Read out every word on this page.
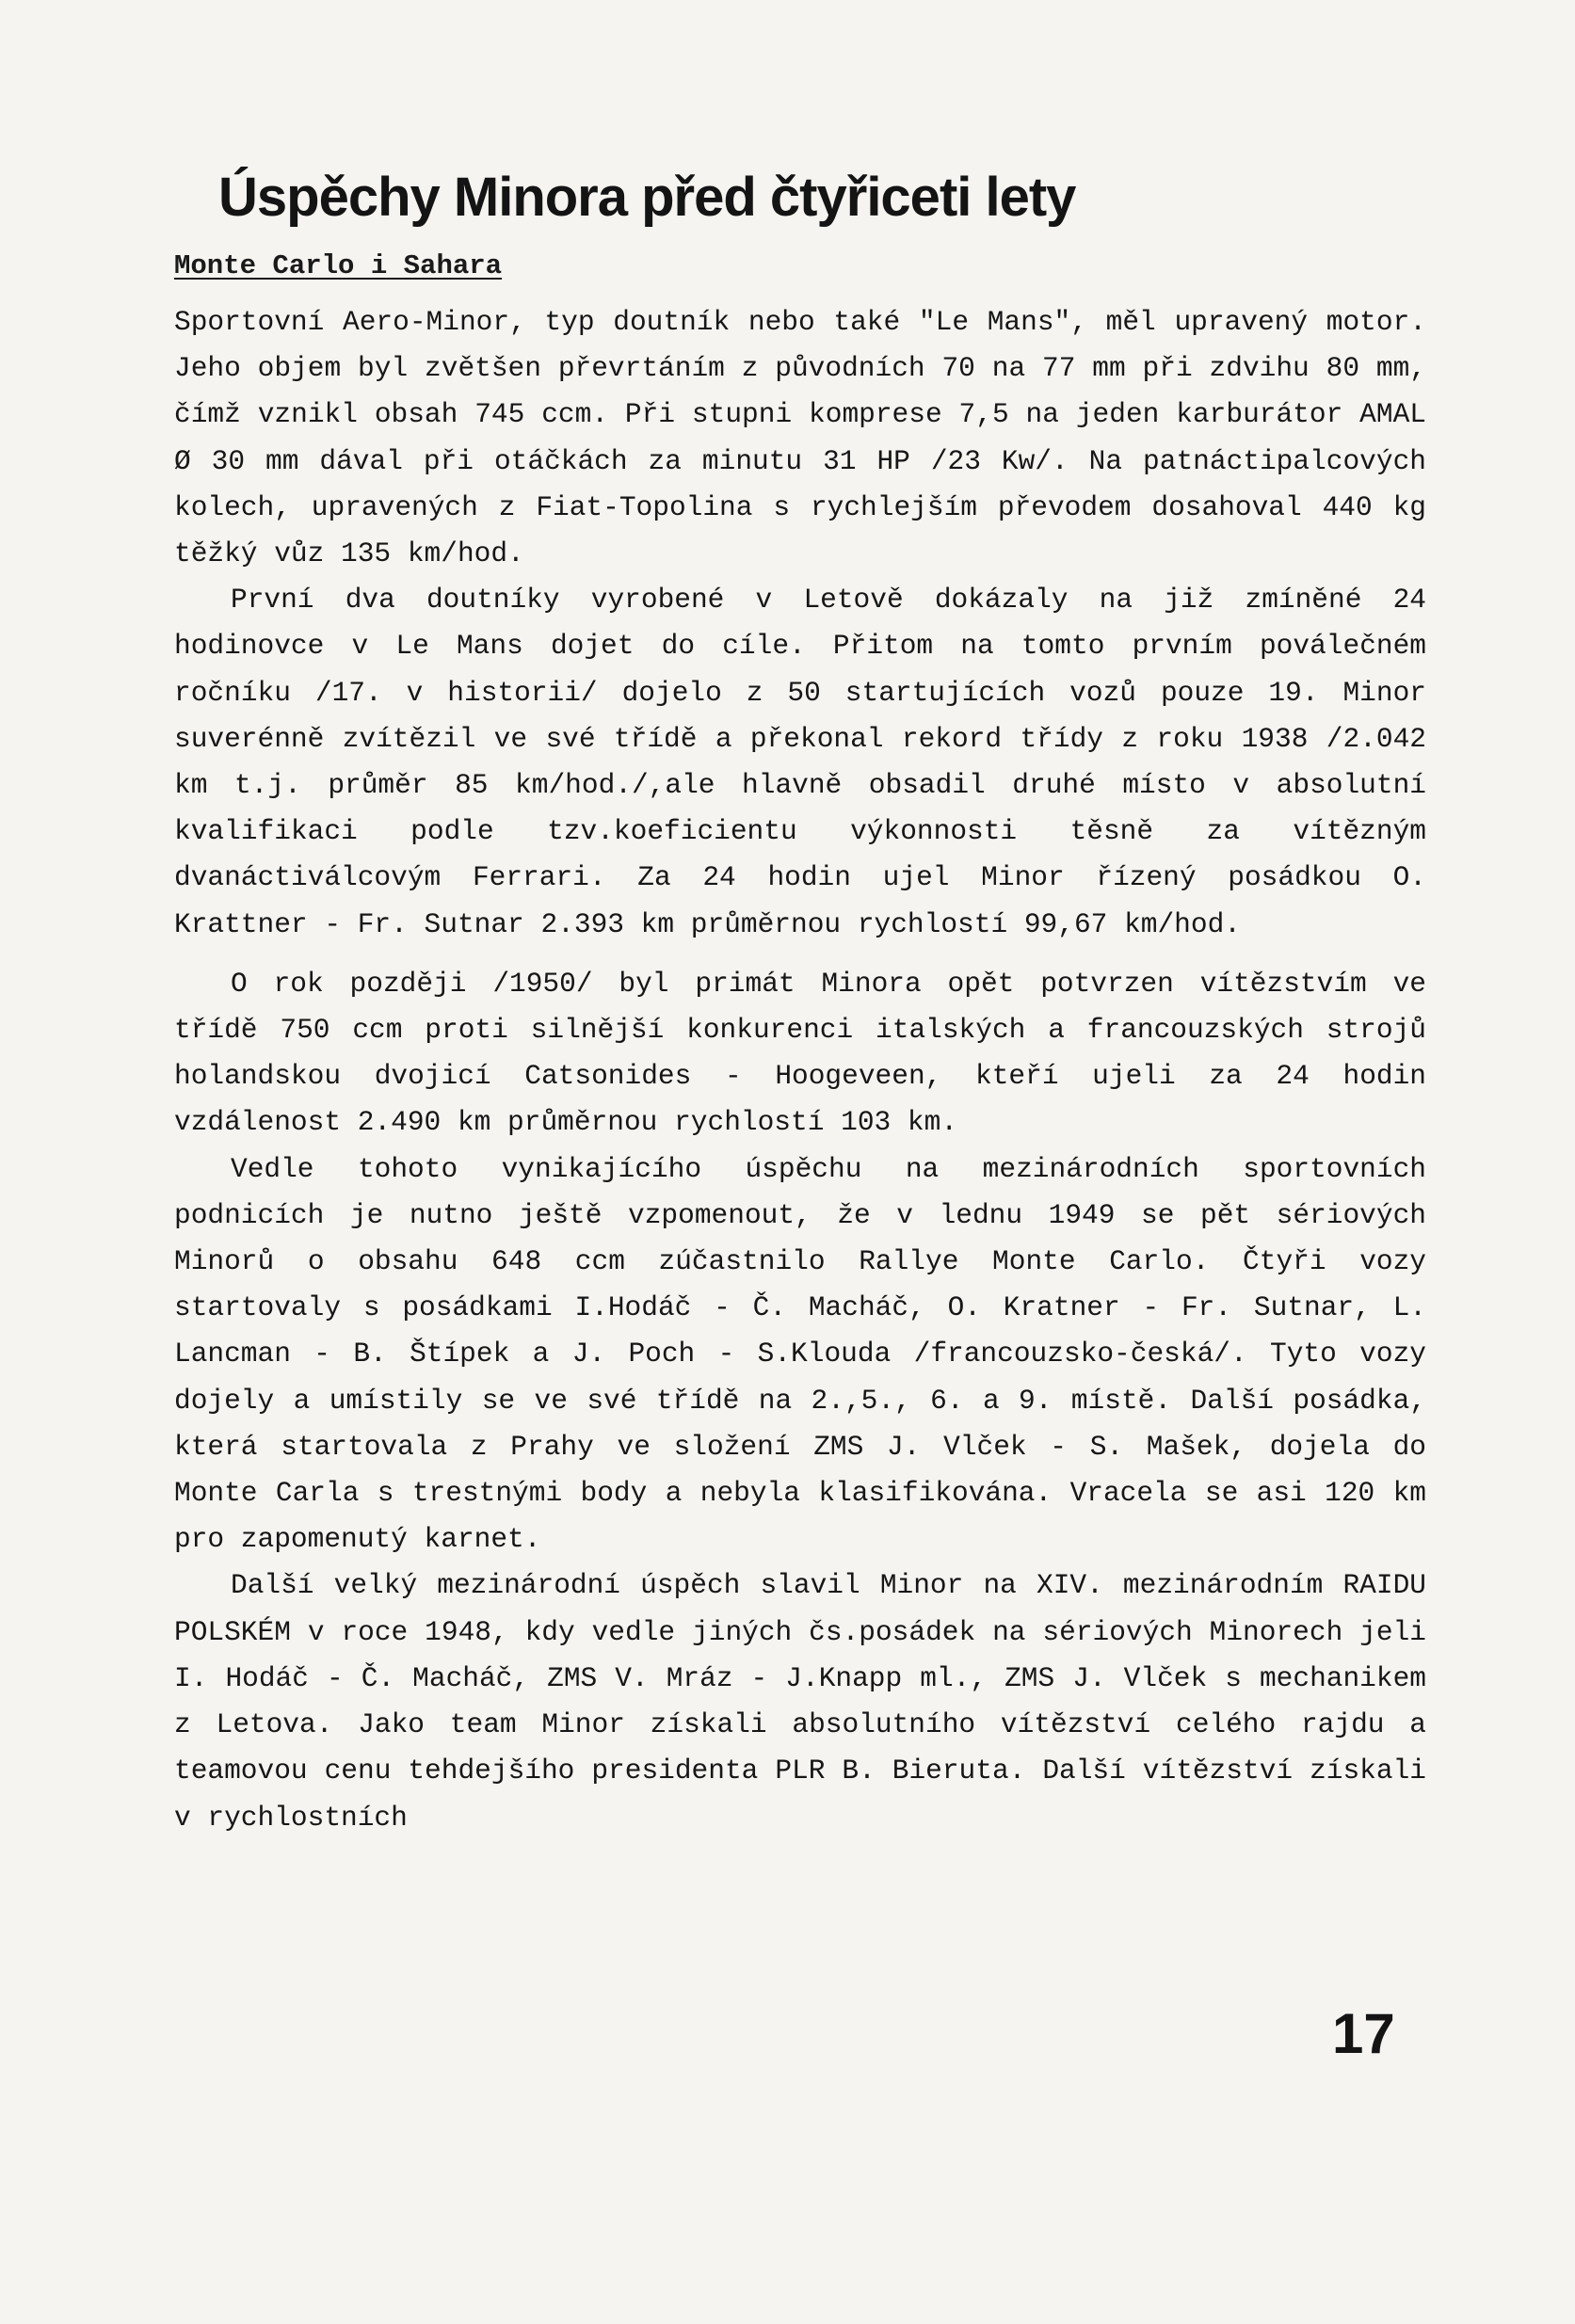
Úspěchy Minora před čtyřiceti lety
Monte Carlo i Sahara

Sportovní Aero-Minor, typ doutník nebo také "Le Mans", měl upravený motor. Jeho objem byl zvětšen převrtáním z původních 70 na 77 mm při zdvihu 80 mm, čímž vznikl obsah 745 ccm. Při stupni komprese 7,5 na jeden karburátor AMAL Ø 30 mm dával při otáčkách za minutu 31 HP /23 Kw/. Na patnáctipalcových kolech, upravených z Fiat-Topolina s rychlejším převodem dosahoval 440 kg těžký vůz 135 km/hod.

První dva doutníky vyrobené v Letově dokázaly na již zmíněné 24 hodinovce v Le Mans dojet do cíle. Přitom na tomto prvním poválečném ročníku /17. v historii/ dojelo z 50 startujících vozů pouze 19. Minor suverénně zvítězil ve své třídě a překonal rekord třídy z roku 1938 /2.042 km t.j. průměr 85 km/hod./,ale hlavně obsadil druhé místo v absolutní kvalifikaci podle tzv.koeficientu výkonnosti těsně za vítězným dvanáctiválcovým Ferrari. Za 24 hodin ujel Minor řízený posádkou O. Krattner - Fr. Sutnar 2.393 km průměrnou rychlostí 99,67 km/hod.

O rok později /1950/ byl primát Minora opět potvrzen vítězstvím ve třídě 750 ccm proti silnější konkurenci italských a francouzských strojů holandskou dvojicí Catsonides - Hoogeveen, kteří ujeli za 24 hodin vzdálenost 2.490 km průměrnou rychlostí 103 km.

Vedle tohoto vynikajícího úspěchu na mezinárodních sportovních podnicích je nutno ještě vzpomenout, že v lednu 1949 se pět sériových Minorů o obsahu 648 ccm zúčastnilo Rallye Monte Carlo. Čtyři vozy startovaly s posádkami I.Hodáč - Č. Macháč, O. Kratner - Fr. Sutnar, L. Lancman - B. Štípek a J. Poch - S.Klouda /francouzsko-česká/. Tyto vozy dojely a umístily se ve své třídě na 2.,5., 6. a 9. místě. Další posádka, která startovala z Prahy ve složení ZMS J. Vlček - S. Mašek, dojela do Monte Carla s trestnými body a nebyla klasifikována. Vracela se asi 120 km pro zapomenutý karnet.

Další velký mezinárodní úspěch slavil Minor na XIV. mezinárodním RAIDU POLSKÉM v roce 1948, kdy vedle jiných čs.posádek na sériových Minorech jeli I. Hodáč - Č. Macháč, ZMS V. Mráz - J.Knapp ml., ZMS J. Vlček s mechanikem z Letova. Jako team Minor získali absolutního vítězství celého rajdu a teamovou cenu tehdejšího presidenta PLR B. Bieruta. Další vítězství získali v rychlostních

17
